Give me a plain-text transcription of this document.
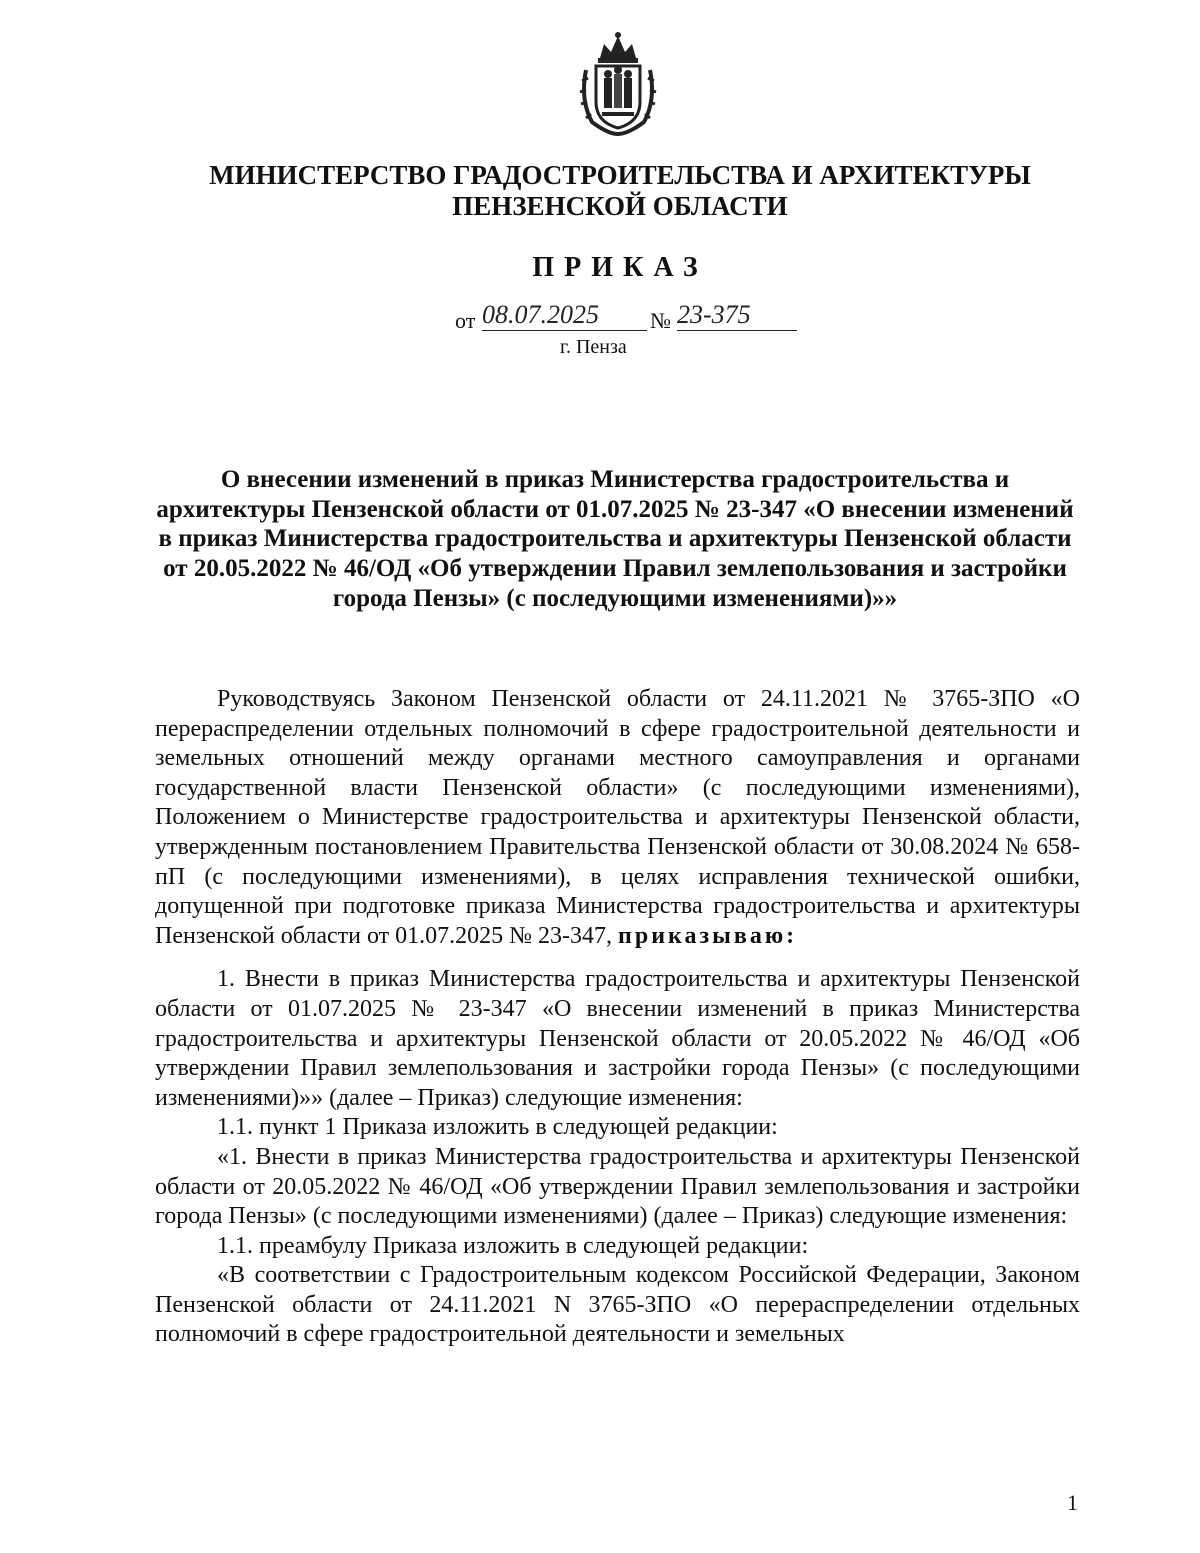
МИНИСТЕРСТВО ГРАДОСТРОИТЕЛЬСТВА И АРХИТЕКТУРЫ
ПЕНЗЕНСКОЙ ОБЛАСТИ
ПРИКАЗ
от 08.07.2025	№ 23-375
г. Пенза
О внесении изменений в приказ Министерства градостроительства и архитектуры Пензенской области от 01.07.2025 № 23-347 «О внесении изменений в приказ Министерства градостроительства и архитектуры Пензенской области от 20.05.2022 № 46/ОД «Об утверждении Правил землепользования и застройки города Пензы» (с последующими изменениями)»»

Руководствуясь Законом Пензенской области от 24.11.2021 № 3765-ЗПО «О перераспределении отдельных полномочий в сфере градостроительной деятельности и земельных отношений между органами местного самоуправления и органами государственной власти Пензенской области» (с последующими изменениями), Положением о Министерстве градостроительства и архитектуры Пензенской области, утвержденным постановлением Правительства Пензенской области от 30.08.2024 № 658-пП (с последующими изменениями), в целях исправления технической ошибки, допущенной при подготовке приказа Министерства градостроительства и архитектуры Пензенской области от 01.07.2025 № 23-347, приказываю:

1. Внести в приказ Министерства градостроительства и архитектуры Пензенской области от 01.07.2025 № 23-347 «О внесении изменений в приказ Министерства градостроительства и архитектуры Пензенской области от 20.05.2022 № 46/ОД «Об утверждении Правил землепользования и застройки города Пензы» (с последующими изменениями)»» (далее – Приказ) следующие изменения:

1.1. пункт 1 Приказа изложить в следующей редакции:

«1. Внести в приказ Министерства градостроительства и архитектуры Пензенской области от 20.05.2022 № 46/ОД «Об утверждении Правил землепользования и застройки города Пензы» (с последующими изменениями) (далее – Приказ) следующие изменения:

1.1. преамбулу Приказа изложить в следующей редакции:

«В соответствии с Градостроительным кодексом Российской Федерации, Законом Пензенской области от 24.11.2021 N 3765-ЗПО «О перераспределении отдельных полномочий в сфере градостроительной деятельности и земельных

1
